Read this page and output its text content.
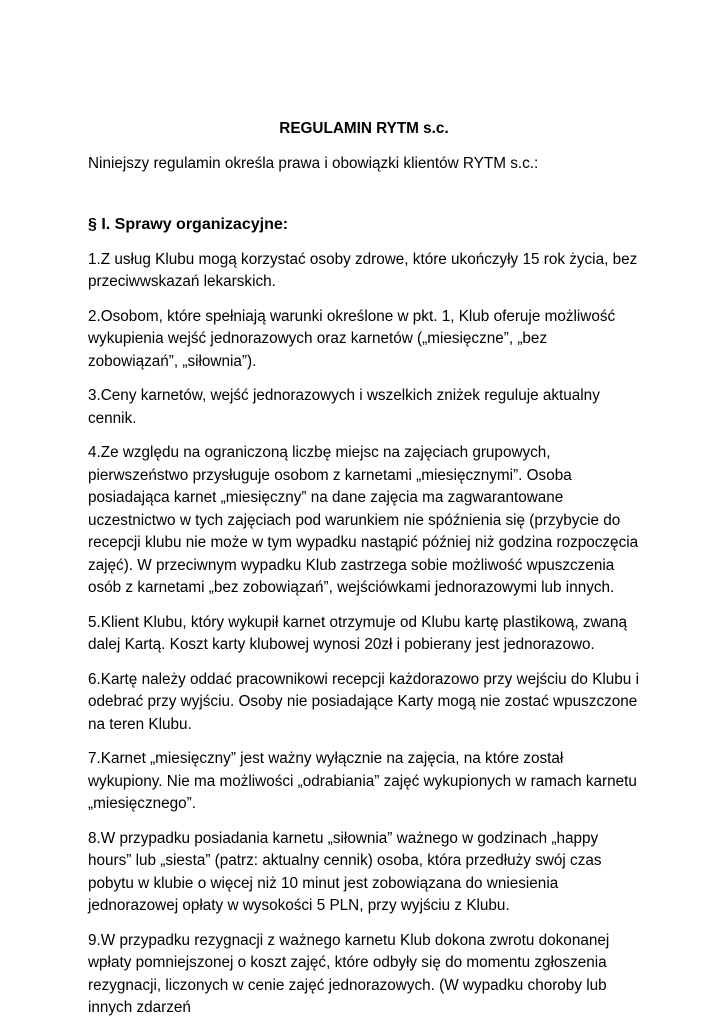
REGULAMIN RYTM s.c.
Niniejszy regulamin określa prawa i obowiązki klientów RYTM s.c.:
§ I. Sprawy organizacyjne:
1.Z usług Klubu mogą korzystać osoby zdrowe, które ukończyły 15 rok życia, bez przeciwwskazań lekarskich.
2.Osobom, które spełniają warunki określone w pkt. 1, Klub oferuje możliwość wykupienia wejść jednorazowych oraz karnetów („miesięczne”, „bez zobowiązań”, „siłownia”).
3.Ceny karnetów, wejść jednorazowych i wszelkich zniżek reguluje aktualny cennik.
4.Ze względu na ograniczoną liczbę miejsc na zajęciach grupowych, pierwszeństwo przysługuje osobom z karnetami „miesięcznymi”. Osoba posiadająca karnet „miesięczny” na dane zajęcia ma zagwarantowane uczestnictwo w tych zajęciach pod warunkiem nie spóźnienia się (przybycie do recepcji klubu nie może w tym wypadku nastąpić później niż godzina rozpoczęcia zajęć). W przeciwnym wypadku Klub zastrzega sobie możliwość wpuszczenia osób z karnetami „bez zobowiązań”, wejściówkami jednorazowymi lub innych.
5.Klient Klubu, który wykupił karnet otrzymuje od Klubu kartę plastikową, zwaną dalej Kartą. Koszt karty klubowej wynosi 20zł i pobierany jest jednorazowo.
6.Kartę należy oddać pracownikowi recepcji każdorazowo przy wejściu do Klubu i odebrać przy wyjściu. Osoby nie posiadające Karty mogą nie zostać wpuszczone na teren Klubu.
7.Karnet „miesięczny” jest ważny wyłącznie na zajęcia, na które został wykupiony. Nie ma możliwości „odrabiania” zajęć wykupionych w ramach karnetu „miesięcznego”.
8.W przypadku posiadania karnetu „siłownia” ważnego w godzinach „happy hours” lub „siesta” (patrz: aktualny cennik) osoba, która przedłuży swój czas pobytu w klubie o więcej niż 10 minut jest zobowiązana do wniesienia jednorazowej opłaty w wysokości 5 PLN, przy wyjściu z Klubu.
9.W przypadku rezygnacji z ważnego karnetu Klub dokona zwrotu dokonanej wpłaty pomniejszonej o koszt zajęć, które odbyły się do momentu zgłoszenia rezygnacji, liczonych w cenie zajęć jednorazowych. (W wypadku choroby lub innych zdarzeń
